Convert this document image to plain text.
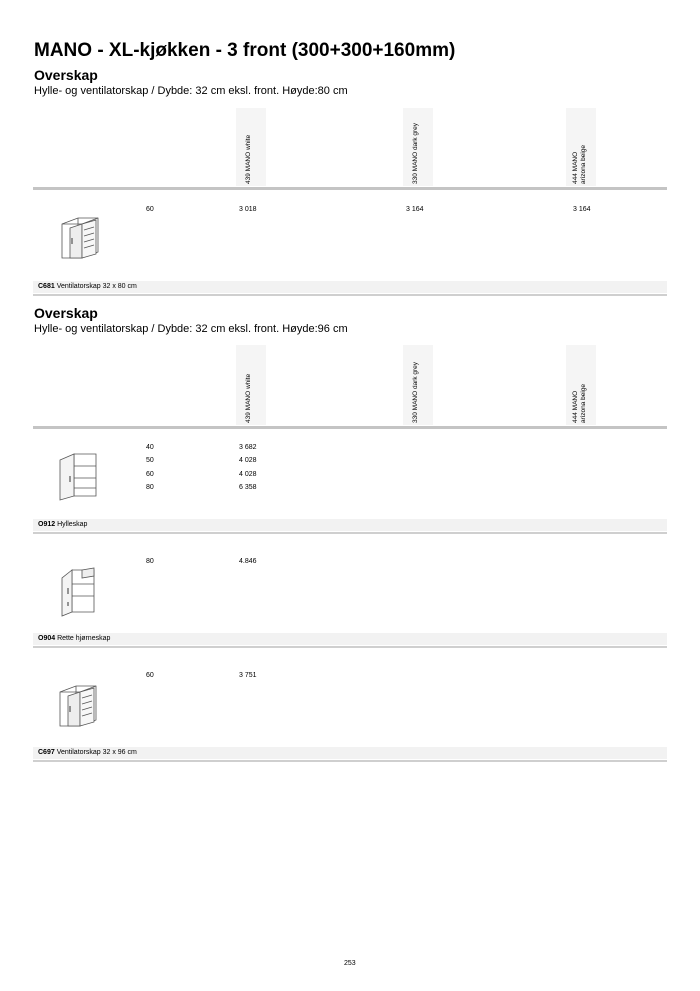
MANO - XL-kjøkken - 3 front (300+300+160mm)
Overskap
Hylle- og ventilatorskap / Dybde: 32 cm eksl. front. Høyde:80 cm
439 MANO white	330 MANO dark grey	444 MANO arizona beige
60	3 018	3 164	3 164
C681 Ventilatorskap 32 x 80 cm
Overskap
Hylle- og ventilatorskap / Dybde: 32 cm eksl. front. Høyde:96 cm
439 MANO white	330 MANO dark grey	444 MANO arizona beige
40	3 682
50	4 028
60	4 028
80	6 358
O912 Hylleskap
80	4.846
O904 Rette hjørneskap
60	3 751
C697 Ventilatorskap 32 x 96 cm
253
